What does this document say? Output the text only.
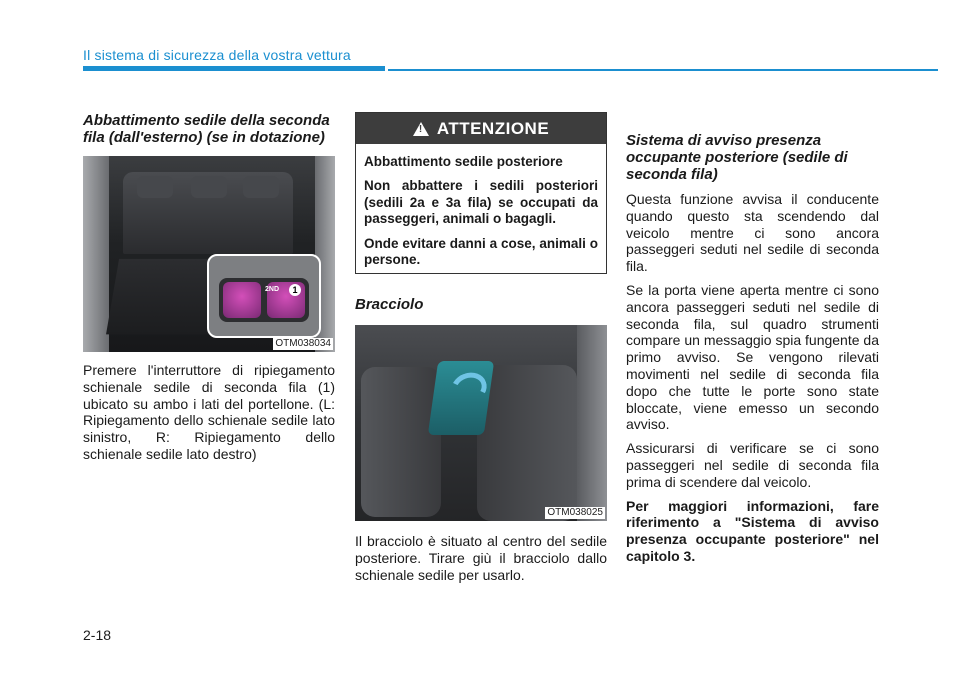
Il sistema di sicurezza della vostra vettura
Abbattimento sedile della seconda fila (dall'esterno) (se in dotazione)
2ND	1
OTM038034

Premere l'interruttore di ripiegamento schienale sedile di seconda fila (1) ubicato su ambo i lati del portellone. (L: Ripiegamento dello schienale sedile lato sinistro, R: Ripiegamento dello schienale sedile lato destro)

!
ATTENZIONE

Abbattimento sedile posteriore

Non abbattere i sedili posteriori (sedili 2a e 3a fila) se occupati da passeggeri, animali o bagagli.

Onde evitare danni a cose, animali o persone.

Bracciolo
OTM038025

Il bracciolo è situato al centro del sedile posteriore. Tirare giù il bracciolo dallo schienale sedile per usarlo.

Sistema di avviso presenza occupante posteriore (sedile di seconda fila)

Questa funzione avvisa il conducente quando questo sta scendendo dal veicolo mentre ci sono ancora passeggeri seduti nel sedile di seconda fila.

Se la porta viene aperta mentre ci sono ancora passeggeri seduti nel sedile di seconda fila, sul quadro strumenti compare un messaggio spia fungente da primo avviso. Se vengono rilevati movimenti nel sedile di seconda fila dopo che tutte le porte sono state bloccate, viene emesso un secondo avviso.

Assicurarsi di verificare se ci sono passeggeri nel sedile di seconda fila prima di scendere dal veicolo.

Per maggiori informazioni, fare riferimento a "Sistema di avviso presenza occupante posteriore" nel capitolo 3.

2-18
